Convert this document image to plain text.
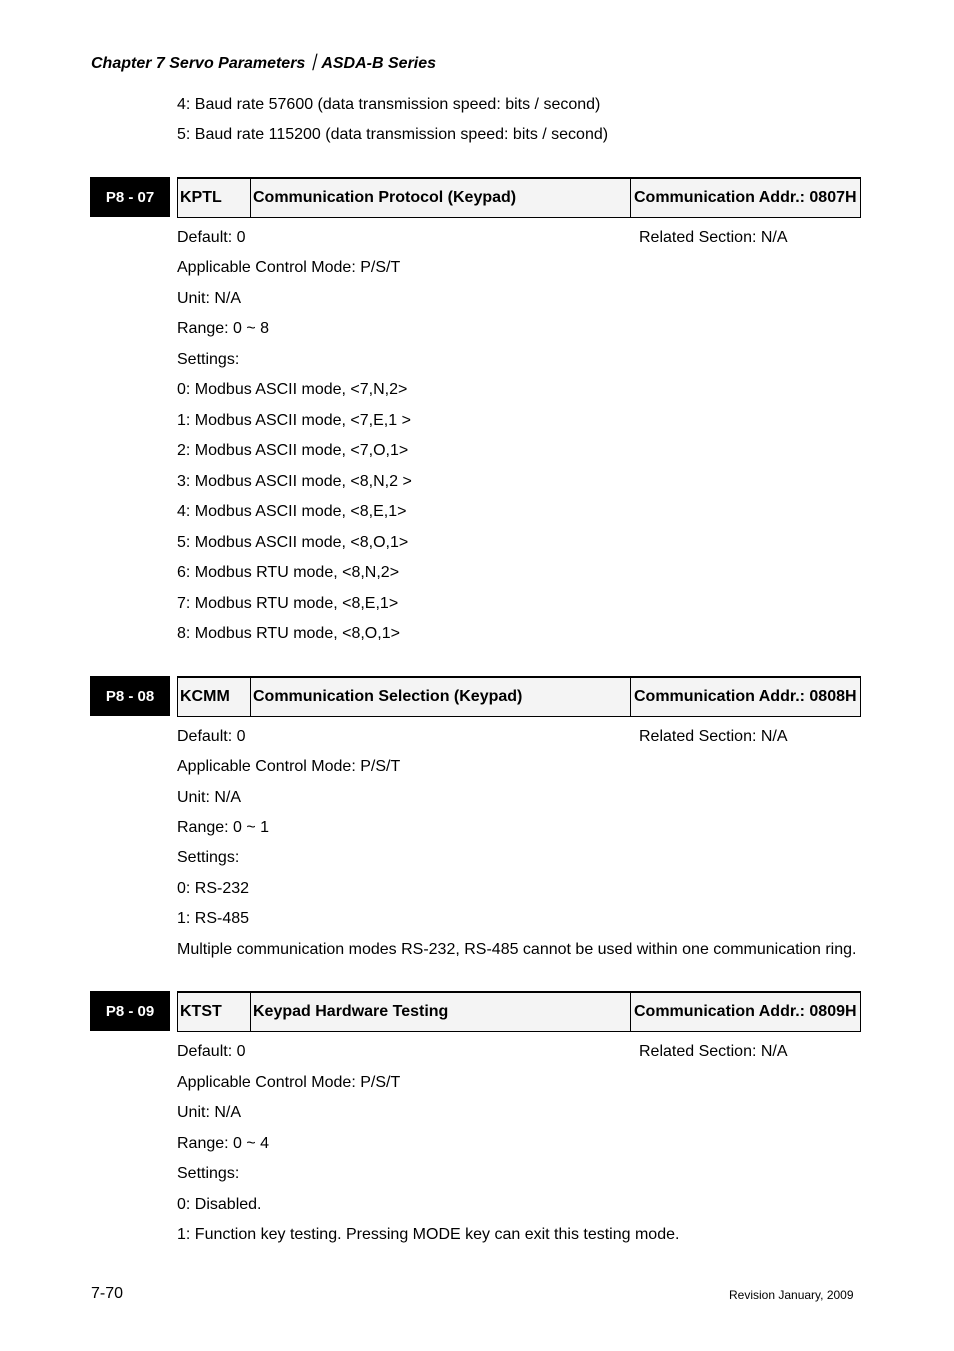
Chapter 7 Servo Parameters｜ASDA-B Series
4: Baud rate 57600 (data transmission speed: bits / second)
5: Baud rate 115200 (data transmission speed: bits / second)
P8 - 07	KPTL	Communication Protocol (Keypad)	Communication Addr.: 0807H
Related Section: N/A
Default: 0
Applicable Control Mode: P/S/T
Unit: N/A
Range: 0 ~ 8
Settings:
0: Modbus ASCII mode, <7,N,2>
1: Modbus ASCII mode, <7,E,1 >
2: Modbus ASCII mode, <7,O,1>
3: Modbus ASCII mode, <8,N,2 >
4: Modbus ASCII mode, <8,E,1>
5: Modbus ASCII mode, <8,O,1>
6: Modbus RTU mode, <8,N,2>
7: Modbus RTU mode, <8,E,1>
8: Modbus RTU mode, <8,O,1>
P8 - 08	KCMM	Communication Selection (Keypad)	Communication Addr.: 0808H
Related Section: N/A
Default: 0
Applicable Control Mode: P/S/T
Unit: N/A
Range: 0 ~ 1
Settings:
0: RS-232
1: RS-485
Multiple communication modes RS-232, RS-485 cannot be used within one communication ring.
P8 - 09	KTST	Keypad Hardware Testing	Communication Addr.: 0809H
Related Section: N/A
Default: 0
Applicable Control Mode: P/S/T
Unit: N/A
Range: 0 ~ 4
Settings:
0: Disabled.
1: Function key testing. Pressing MODE key can exit this testing mode.
7-70	Revision January, 2009
